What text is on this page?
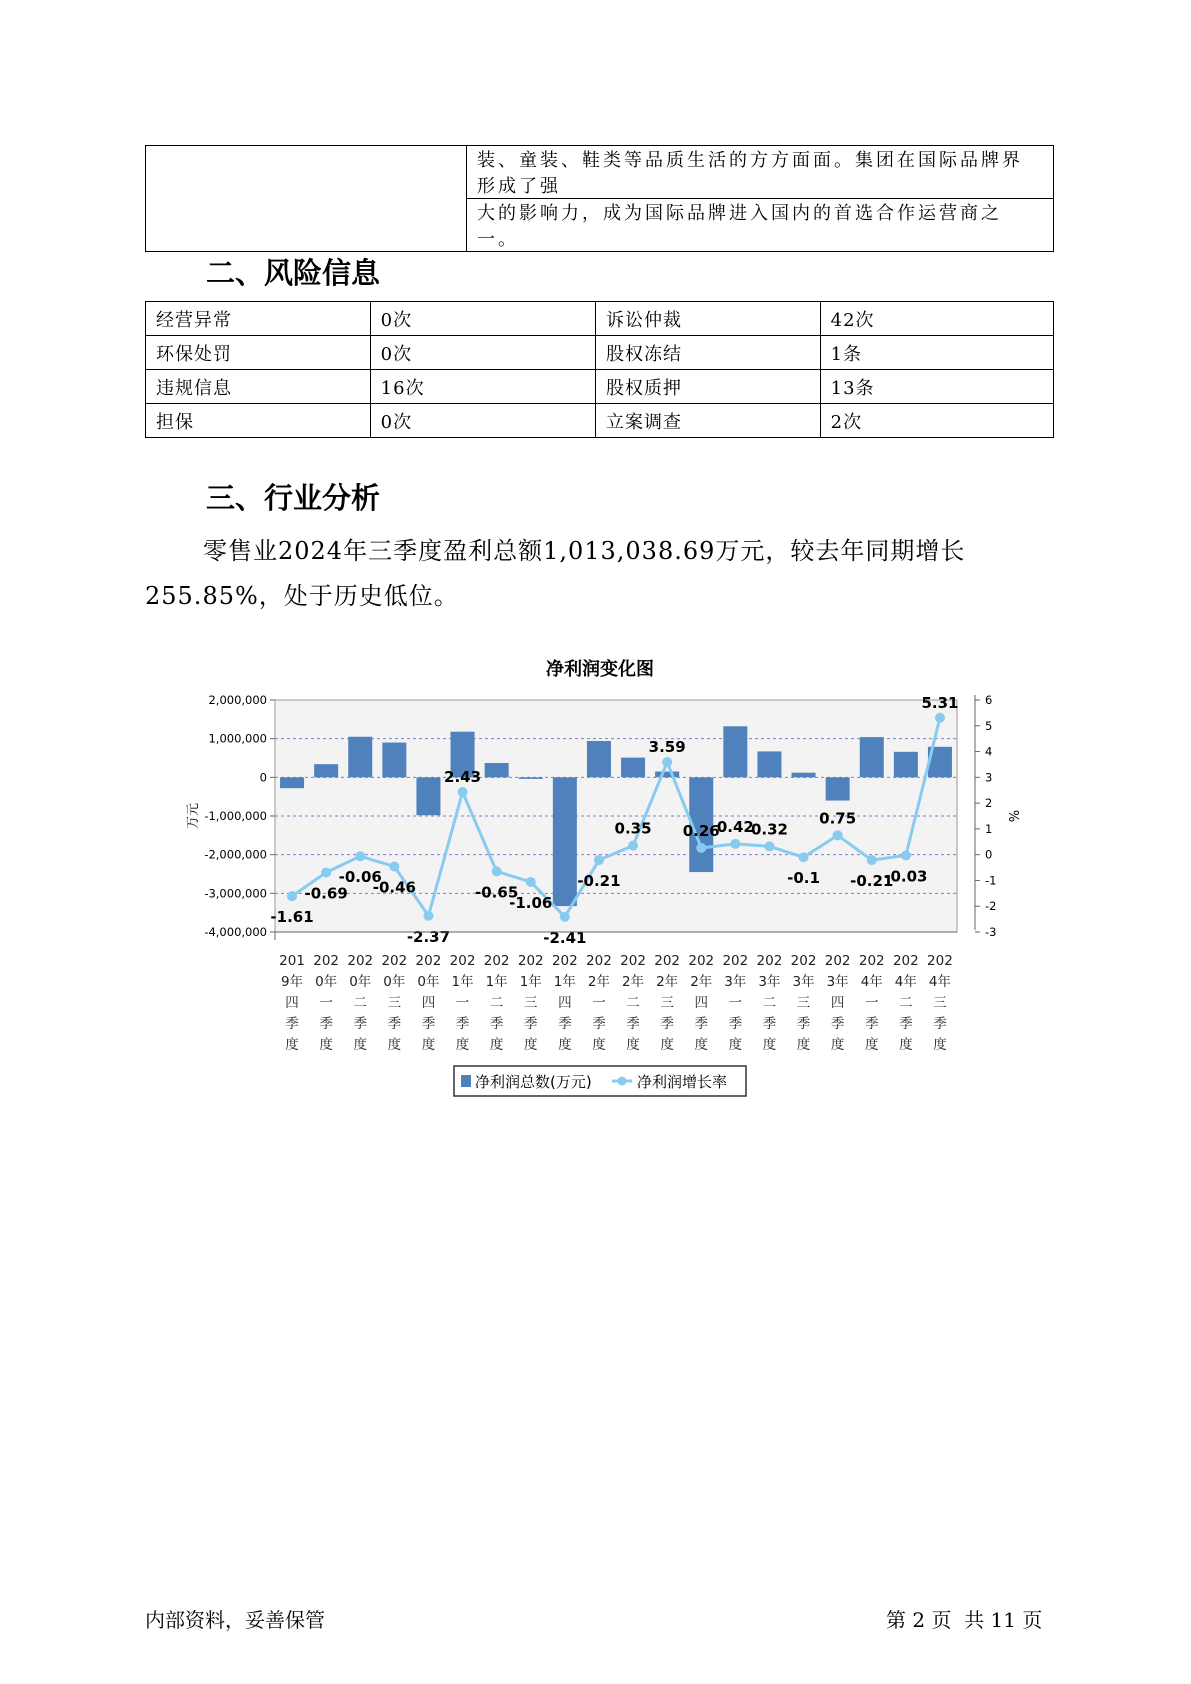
	装、童装、鞋类等品质生活的方方面面。集团在国际品牌界形成了强
大的影响力，成为国际品牌进入国内的首选合作运营商之一。
二、风险信息
经营异常	0次	诉讼仲裁	42次
环保处罚	0次	股权冻结	1条
违规信息	16次	股权质押	13条
担保	0次	立案调查	2次
三、行业分析
零售业2024年三季度盈利总额1,013,038.69万元，较去年同期增长
255.85%，处于历史低位。
净利润变化图
-1.61
-0.69
-0.06
-0.46
-2.37
2.43
-0.65
-1.06
-2.41
-0.21
0.35
3.59
0.26
0.42
0.32
-0.1
0.75
-0.21
-0.03
5.31
2,000,000
1,000,000
0
-1,000,000
-2,000,000
-3,000,000
-4,000,000
6
5
4
3
2
1
0
-1
-2
-3
201
9年
四
季
度
202
0年
一
季
度
202
0年
二
季
度
202
0年
三
季
度
202
0年
四
季
度
202
1年
一
季
度
202
1年
二
季
度
202
1年
三
季
度
202
1年
四
季
度
202
2年
一
季
度
202
2年
二
季
度
202
2年
三
季
度
202
2年
四
季
度
202
3年
一
季
度
202
3年
二
季
度
202
3年
三
季
度
202
3年
四
季
度
202
4年
一
季
度
202
4年
二
季
度
202
4年
三
季
度
万元	%
净利润总数(万元)	净利润增长率
内部资料，妥善保管	第 2 页  共 11 页
